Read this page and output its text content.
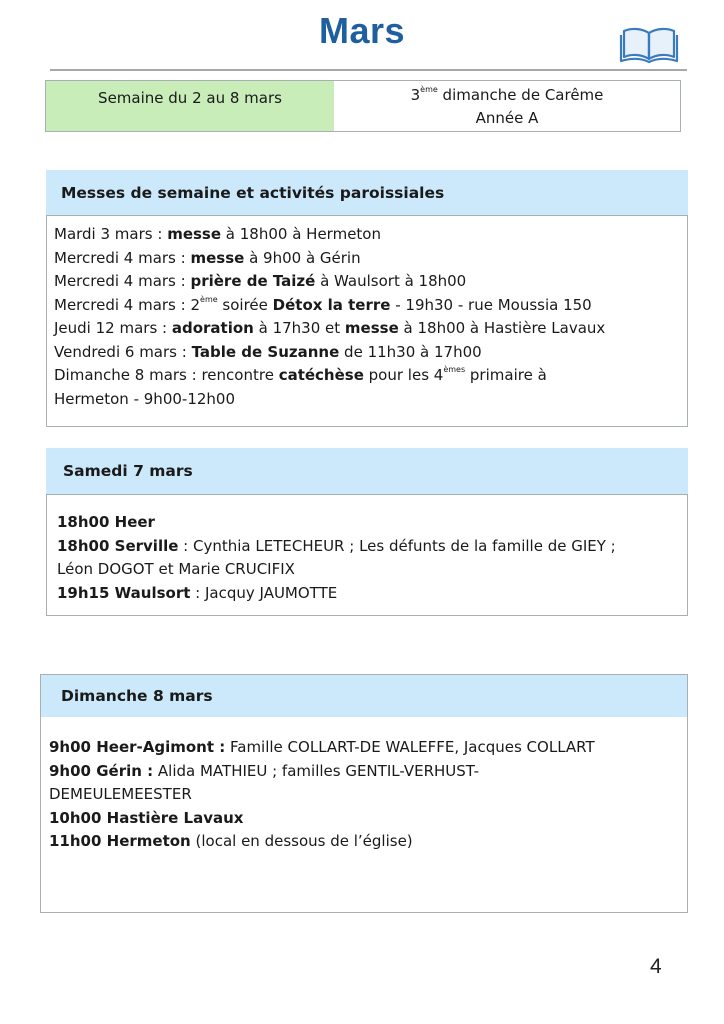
Mars
Semaine du 2 au 8 mars	3ème dimanche de Carême
Année A
Messes de semaine et activités paroissiales
Mardi 3 mars : messe à 18h00 à Hermeton
Mercredi 4 mars : messe à 9h00 à Gérin
Mercredi 4 mars : prière de Taizé à Waulsort à 18h00
Mercredi 4 mars : 2ème soirée Détox la terre - 19h30 - rue Moussia 150
Jeudi 12 mars : adoration à 17h30 et messe à 18h00 à Hastière Lavaux
Vendredi 6 mars : Table de Suzanne de 11h30 à 17h00
Dimanche 8 mars : rencontre catéchèse pour les 4èmes primaire à
Hermeton - 9h00-12h00
Samedi 7 mars
18h00 Heer
18h00 Serville : Cynthia LETECHEUR ; Les défunts de la famille de GIEY ;
Léon DOGOT et Marie CRUCIFIX
19h15 Waulsort : Jacquy JAUMOTTE
Dimanche 8 mars
9h00 Heer-Agimont : Famille COLLART-DE WALEFFE, Jacques COLLART
9h00 Gérin : Alida MATHIEU ; familles GENTIL-VERHUST-
DEMEULEMEESTER
10h00 Hastière Lavaux
11h00 Hermeton (local en dessous de l’église)
4
